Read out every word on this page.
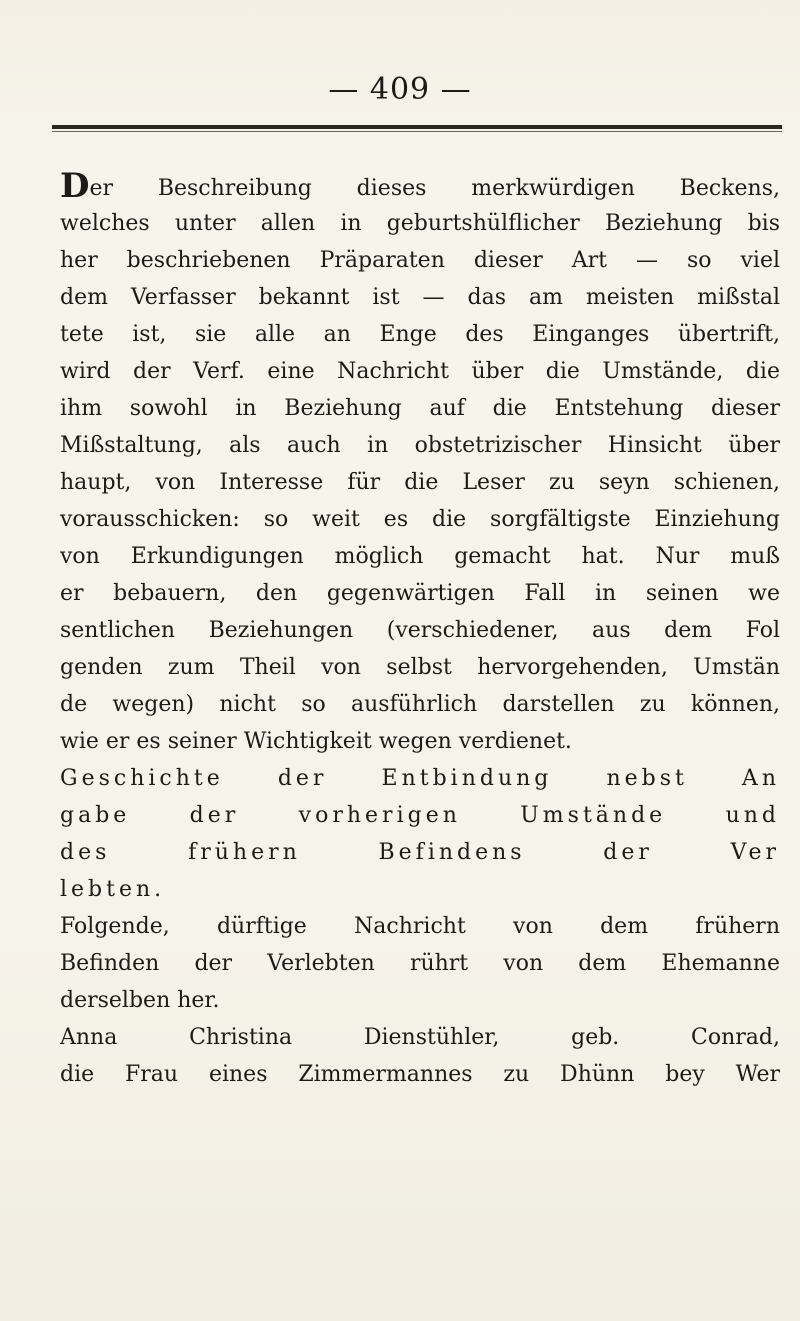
— 409 —
Der Beschreibung dieses merkwürdigen Beckens,
welches unter allen in geburtshülflicher Beziehung bis
her beschriebenen Präparaten dieser Art — so viel
dem Verfasser bekannt ist — das am meisten mißstal
tete ist, sie alle an Enge des Einganges übertrift,
wird der Verf. eine Nachricht über die Umstände, die
ihm sowohl in Beziehung auf die Entstehung dieser
Mißstaltung, als auch in obstetrizischer Hinsicht über
haupt, von Interesse für die Leser zu seyn schienen,
vorausschicken: so weit es die sorgfältigste Einziehung
von Erkundigungen möglich gemacht hat. Nur muß
er bebauern, den gegenwärtigen Fall in seinen we
sentlichen Beziehungen (verschiedener, aus dem Fol
genden zum Theil von selbst hervorgehenden, Umstän
de wegen) nicht so ausführlich darstellen zu können,
wie er es seiner Wichtigkeit wegen verdienet.
Geschichte der Entbindung nebst An
gabe der vorherigen Umstände und
des frühern Befindens der Ver
lebten.
Folgende, dürftige Nachricht von dem frühern
Befinden der Verlebten rührt von dem Ehemanne
derselben her.
Anna Christina Dienstühler, geb. Conrad,
die Frau eines Zimmermannes zu Dhünn bey Wer
